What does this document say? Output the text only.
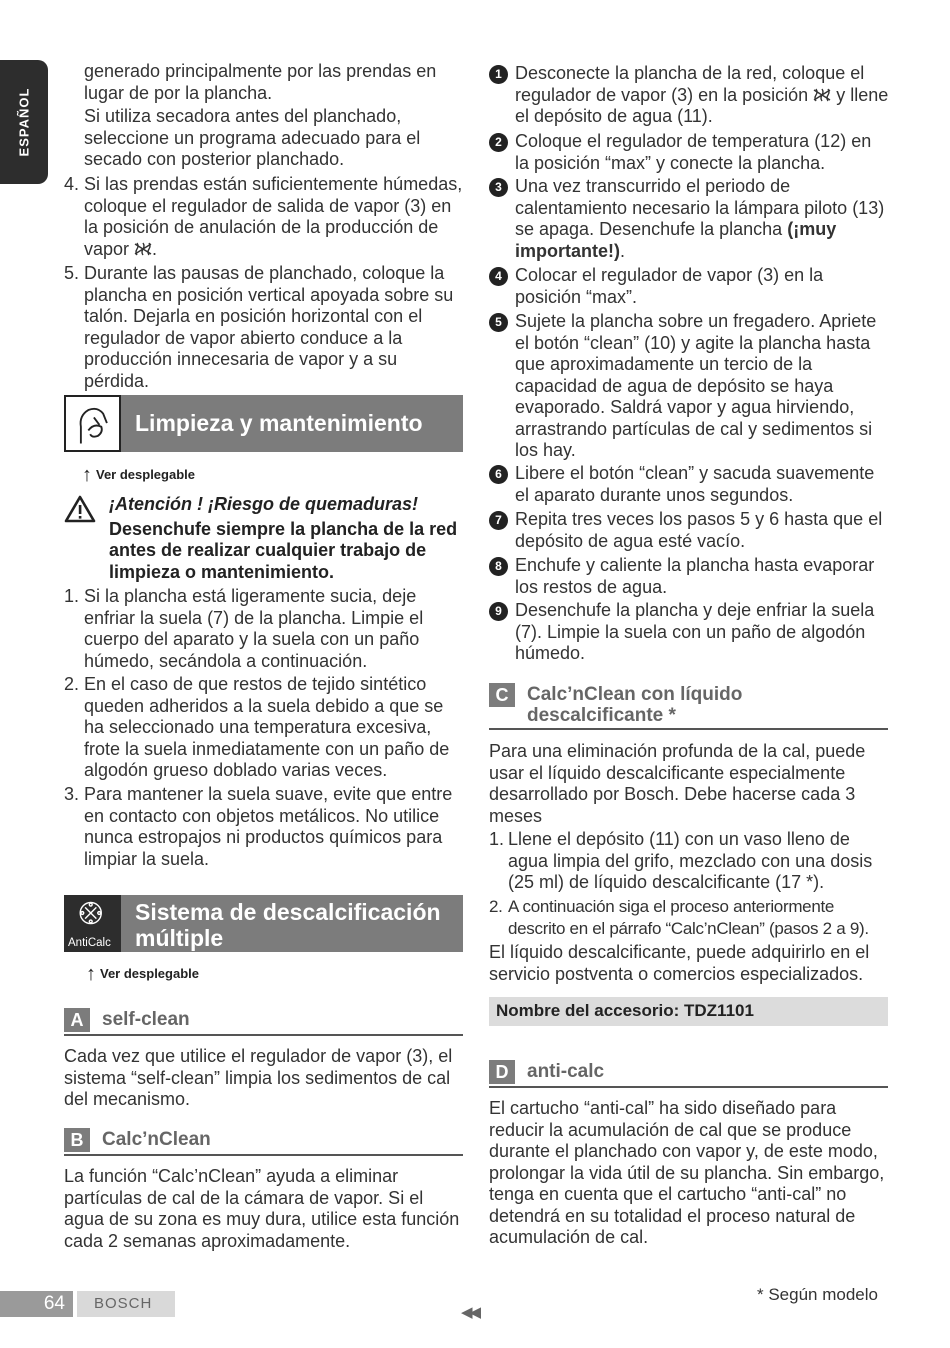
ESPAÑOL

generado principalmente por las prendas en lugar de por la plancha.

Si utiliza secadora antes del planchado, seleccione un programa adecuado para el secado con posterior planchado.

4. Si las prendas están suficientemente húmedas, coloque el regulador de salida de vapor (3) en la posición de anulación de la producción de vapor .
5. Durante las pausas de planchado, coloque la plancha en posición vertical apoyada sobre su talón. Dejarla en posición horizontal con el regulador de vapor abierto conduce a la producción innecesaria de vapor y a su pérdida.
Limpieza y mantenimiento
↑ Ver desplegable
¡Atención ! ¡Riesgo de quemaduras!
Desenchufe siempre la plancha de la red antes de realizar cualquier trabajo de limpieza o mantenimiento.
1. Si la plancha está ligeramente sucia, deje enfriar la suela (7) de la plancha. Limpie el cuerpo del aparato y la suela con un paño húmedo, secándola a continuación.
2. En el caso de que restos de tejido sintético queden adheridos a la suela debido a que se ha seleccionado una temperatura excesiva, frote la suela inmediatamente con un paño de algodón grueso doblado varias veces.
3. Para mantener la suela suave, evite que entre en contacto con objetos metálicos. No utilice nunca estropajos ni productos químicos para limpiar la suela.
AntiCalc
Sistema de descalcificación
múltiple
↑ Ver desplegable
A self-clean

Cada vez que utilice el regulador de vapor (3), el sistema “self-clean” limpia los sedimentos de cal del mecanismo.

B Calc’nClean

La función “Calc’nClean” ayuda a eliminar partículas de cal de la cámara de vapor. Si el agua de su zona es muy dura, utilice esta función cada 2 semanas aproximadamente.

1 Desconecte la plancha de la red, coloque el regulador de vapor (3) en la posición y llene el depósito de agua (11).
2 Coloque el regulador de temperatura (12) en la posición “max” y conecte la plancha.
3 Una vez transcurrido el periodo de calentamiento necesario la lámpara piloto (13) se apaga. Desenchufe la plancha (¡muy importante!).
4 Colocar el regulador de vapor (3) en la posición “max”.
5 Sujete la plancha sobre un fregadero. Apriete el botón “clean” (10) y agite la plancha hasta que aproximadamente un tercio de la capacidad de agua de depósito se haya evaporado. Saldrá vapor y agua hirviendo, arrastrando partículas de cal y sedimentos si los hay.
6 Libere el botón “clean” y sacuda suavemente el aparato durante unos segundos.
7 Repita tres veces los pasos 5 y 6 hasta que el depósito de agua esté vacío.
8 Enchufe y caliente la plancha hasta evaporar los restos de agua.
9 Desenchufe la plancha y deje enfriar la suela (7). Limpie la suela con un paño de algodón húmedo.
C Calc’nClean con líquido descalcificante *

Para una eliminación profunda de la cal, puede usar el líquido descalcificante especialmente desarrollado por Bosch. Debe hacerse cada 3 meses

1. Llene el depósito (11) con un vaso lleno de agua limpia del grifo, mezclado con una dosis (25 ml) de líquido descalcificante (17 *).
2. A continuación siga el proceso anteriormente descrito en el párrafo “Calc’nClean” (pasos 2 a 9).

El líquido descalcificante, puede adquirirlo en el servicio postventa o comercios especializados.

Nombre del accesorio: TDZ1101
D anti-calc

El cartucho “anti-cal” ha sido diseñado para reducir la acumulación de cal que se produce durante el planchado con vapor y, de este modo, prolongar la vida útil de su plancha. Sin embargo, tenga en cuenta que el cartucho “anti-cal” no detendrá en su totalidad el proceso natural de acumulación de cal.

64 BOSCH
◀◀
* Según modelo
